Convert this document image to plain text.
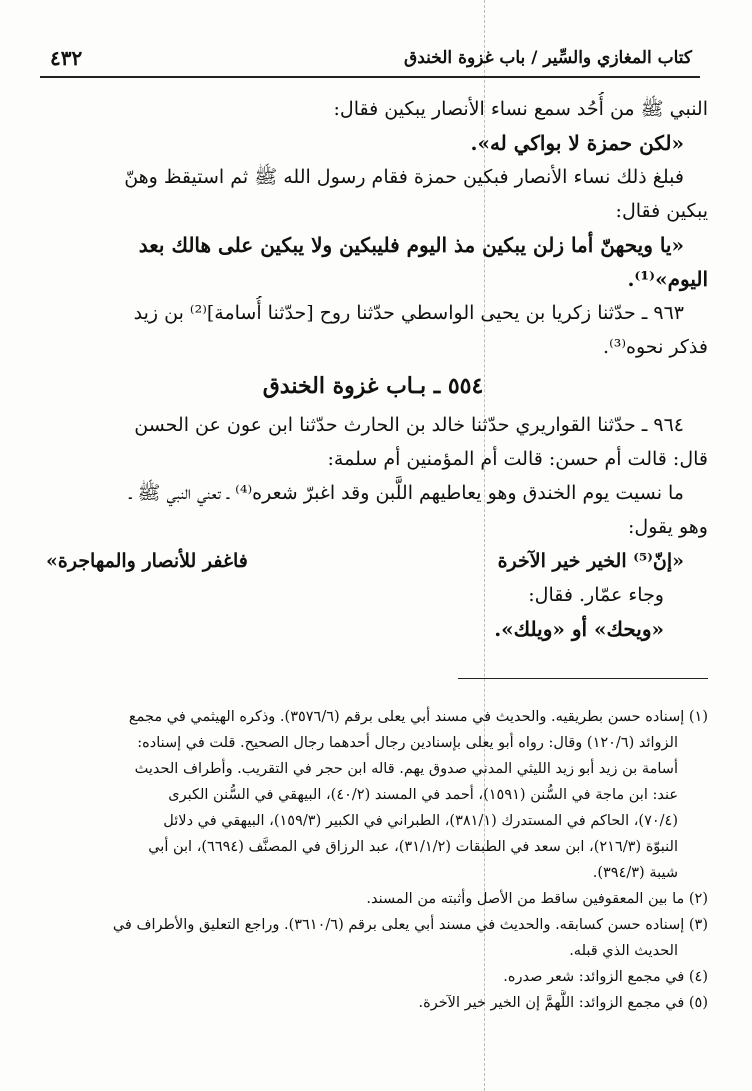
كتاب المغازي والسِّير / باب غزوة الخندق
٤٣٢
النبي ﷺ من أُحُد سمع نساء الأنصار يبكين فقال:
«لكن حمزة لا بواكي له».
فبلغ ذلك نساء الأنصار فبكين حمزة فقام رسول الله ﷺ ثم استيقظ وهنّ
يبكين فقال:
«يا ويحهنّ أما زلن يبكين مذ اليوم فليبكين ولا يبكين على هالك بعد
اليوم»⁽¹⁾.
٩٦٣ ـ حدّثنا زكريا بن يحيى الواسطي حدّثنا روح [حدّثنا أُسامة]⁽²⁾ بن زيد
فذكر نحوه⁽³⁾.
٥٥٤ ـ بـاب غزوة الخندق
٩٦٤ ـ حدّثنا القواريري حدّثنا خالد بن الحارث حدّثنا ابن عون عن الحسن
قال: قالت أم حسن: قالت أم المؤمنين أم سلمة:
ما نسيت يوم الخندق وهو يعاطيهم اللَّبن وقد اغبرّ شعره⁽⁴⁾ ـ تعني النبي ﷺ ـ
وهو يقول:
«إنّ⁽⁵⁾ الخير خير الآخرة
فاغفر للأنصار والمهاجرة»
وجاء عمّار. فقال:
«ويحك» أو «ويلك».
(١) إسناده حسن بطريقيه. والحديث في مسند أبي يعلى برقم (٣٥٧٦/٦). وذكره الهيثمي في مجمع
الزوائد (١٢٠/٦) وقال: رواه أبو يعلى بإسنادين رجال أحدهما رجال الصحيح. قلت في إسناده:
أسامة بن زيد أبو زيد الليثي المدني صدوق يهم. قاله ابن حجر في التقريب. وأطراف الحديث
عند: ابن ماجة في السُّنن (١٥٩١)، أحمد في المسند (٤٠/٢)، البيهقي في السُّنن الكبرى
(٧٠/٤)، الحاكم في المستدرك (٣٨١/١)، الطبراني في الكبير (١٥٩/٣)، البيهقي في دلائل
النبوّة (٢١٦/٣)، ابن سعد في الطبقات (٣١/١/٢)، عبد الرزاق في المصنَّف (٦٦٩٤)، ابن أبي
شيبة (٣٩٤/٣).
(٢) ما بين المعقوفين ساقط من الأصل وأثبته من المسند.
(٣) إسناده حسن كسابقه. والحديث في مسند أبي يعلى برقم (٣٦١٠/٦). وراجع التعليق والأطراف في
الحديث الذي قبله.
(٤) في مجمع الزوائد: شعر صدره.
(٥) في مجمع الزوائد: اللَّهمَّ إن الخير خير الآخرة.
